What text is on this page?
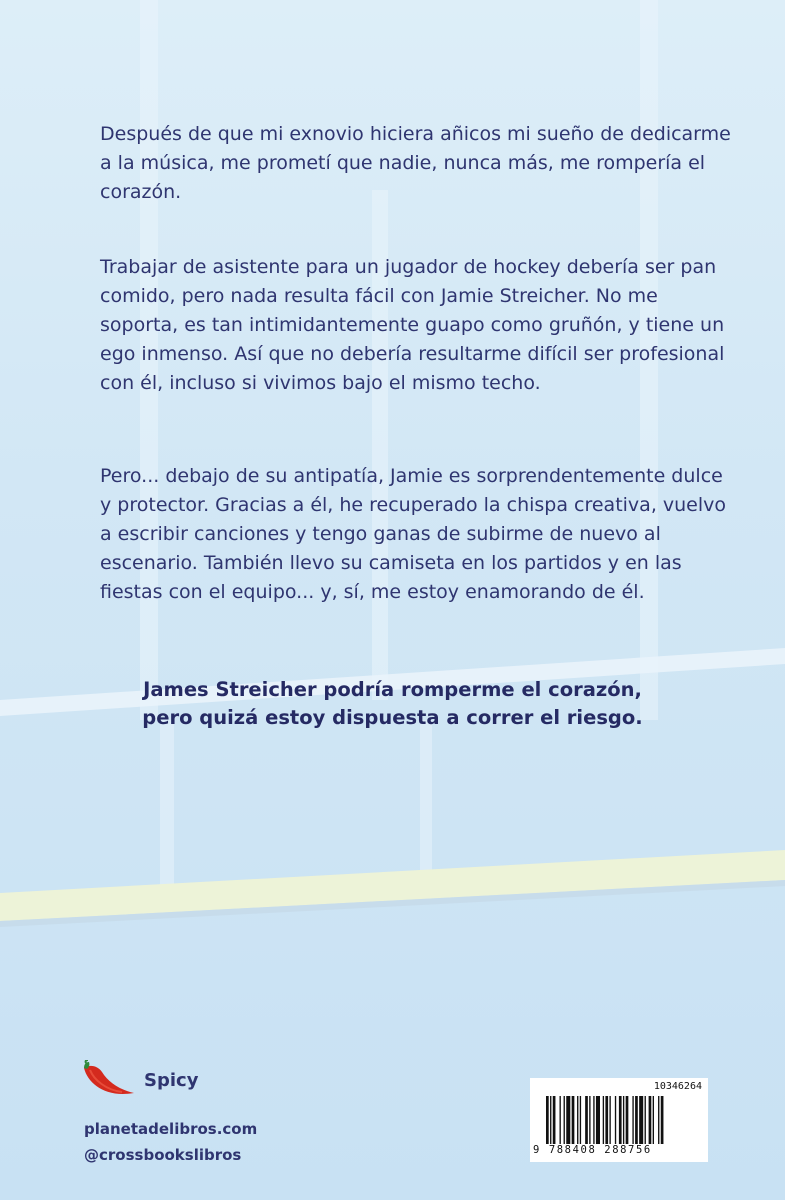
Después de que mi exnovio hiciera añicos mi sueño de dedicarme a la música, me prometí que nadie, nunca más, me rompería el corazón.

Trabajar de asistente para un jugador de hockey debería ser pan comido, pero nada resulta fácil con Jamie Streicher. No me soporta, es tan intimidantemente guapo como gruñón, y tiene un ego inmenso. Así que no debería resultarme difícil ser profesional con él, incluso si vivimos bajo el mismo techo.

Pero... debajo de su antipatía, Jamie es sorprendentemente dulce y protector. Gracias a él, he recuperado la chispa creativa, vuelvo a escribir canciones y tengo ganas de subirme de nuevo al escenario. También llevo su camiseta en los partidos y en las fiestas con el equipo... y, sí, me estoy enamorando de él.

James Streicher podría romperme el corazón,
pero quizá estoy dispuesta a correr el riesgo.

Spicy
planetadelibros.com
@crossbookslibros
10346264
9 788408 288756
